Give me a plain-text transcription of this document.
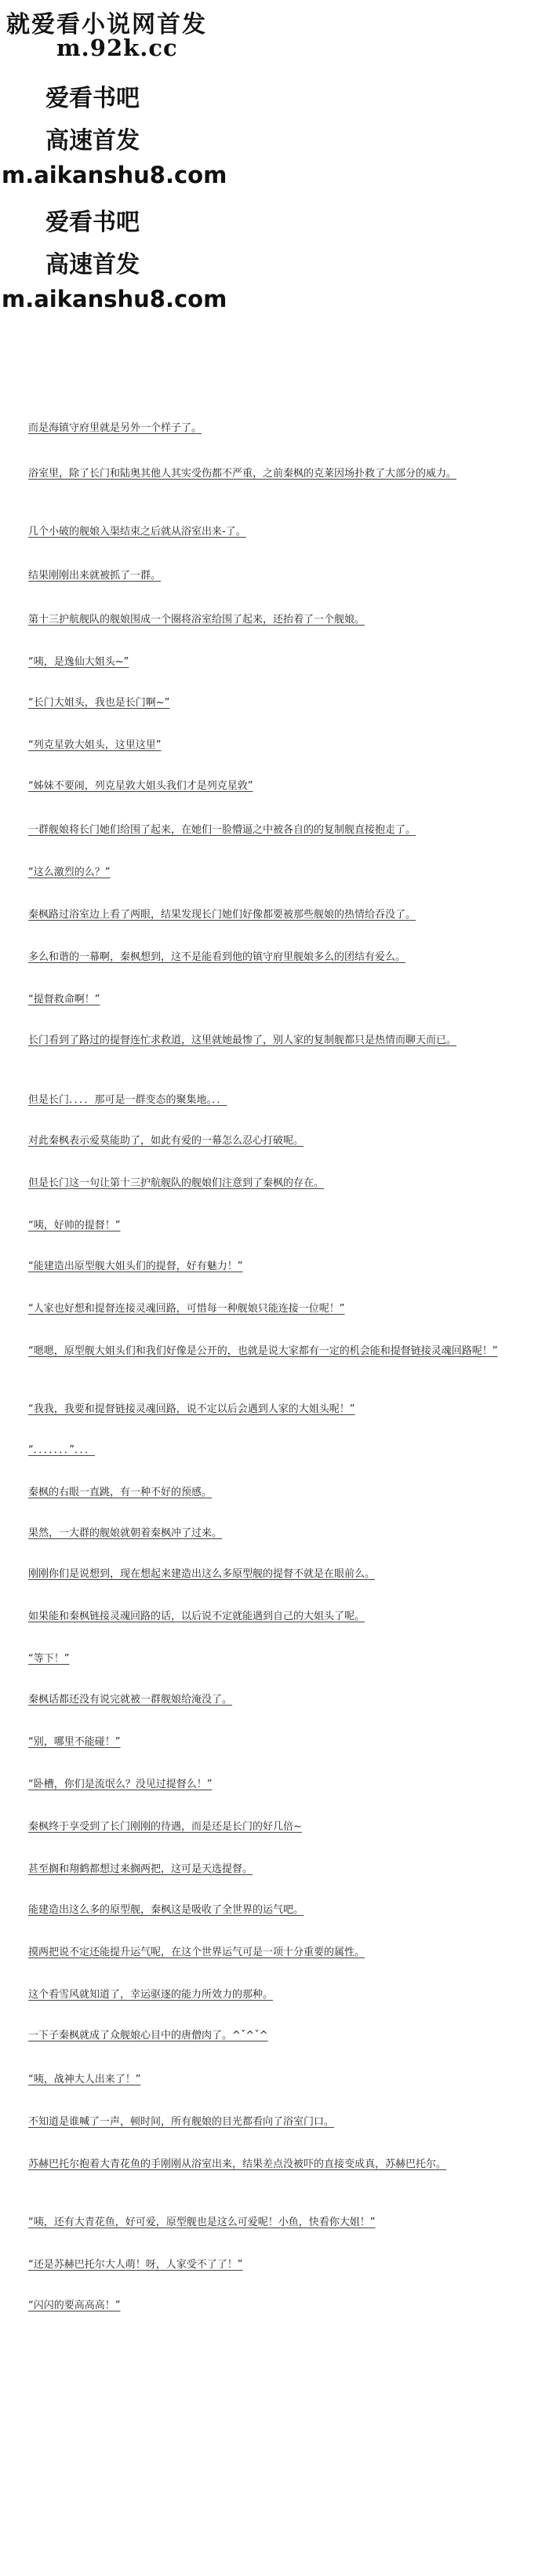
就爱看小说网首发
m.92k.cc
爱看书吧
高速首发
m.aikanshu8.com
爱看书吧
高速首发
m.aikanshu8.com
而是海镇守府里就是另外一个样子了。
浴室里，除了长门和陆奥其他人其实受伤都不严重，之前秦枫的克莱因场扑救了大部分的威力。
几个小破的舰娘入渠结束之后就从浴室出来-了。
结果刚刚出来就被抓了一群。
第十三护航舰队的舰娘围成一个圈将浴室给围了起来，还抬着了一个舰娘。
“咦，是逸仙大姐头~”
“长门大姐头，我也是长门啊~”
“列克星敦大姐头，这里这里”
“姊妹不要闹，列克星敦大姐头我们才是列克星敦”
一群舰娘将长门她们给围了起来，在她们一脸懵逼之中被各自的的复制舰直接抱走了。
“这么激烈的么？”
秦枫路过浴室边上看了两眼，结果发现长门她们好像都要被那些舰娘的热情给吞没了。
多么和谐的一幕啊，秦枫想到，这不是能看到他的镇守府里舰娘多么的团结有爱么。
“提督救命啊！”
长门看到了路过的提督连忙求救道，这里就她最惨了，别人家的复制舰都只是热情而聊天而已。
但是长门．．．．那可是一群变态的聚集地。．．
对此秦枫表示爱莫能助了，如此有爱的一幕怎么忍心打破呢。
但是长门这一句让第十三护航舰队的舰娘们注意到了秦枫的存在。
“咦，好帅的提督！”
“能建造出原型舰大姐头们的提督，好有魅力！”
“人家也好想和提督连接灵魂回路，可惜每一种舰娘只能连接一位呢！”
“嗯嗯，原型舰大姐头们和我们好像是公开的，也就是说大家都有一定的机会能和提督链接灵魂回路呢！”
“我我，我要和提督链接灵魂回路，说不定以后会遇到人家的大姐头呢！”
“．．．．．．．”．．．
秦枫的右眼一直跳，有一种不好的预感。
果然，一大群的舰娘就朝着秦枫冲了过来。
刚刚你们是说想到，现在想起来建造出这么多原型舰的提督不就是在眼前么。
如果能和秦枫链接灵魂回路的话，以后说不定就能遇到自己的大姐头了呢。
“等下！”
秦枫话都还没有说完就被一群舰娘给淹没了。
“别，哪里不能碰！”
“卧槽，你们是流氓么？没见过提督么！”
秦枫终于享受到了长门刚刚的待遇，而是还是长门的好几倍~
甚至搁和翔鹤都想过来搁两把，这可是天选提督。
能建造出这么多的原型舰，秦枫这是吸收了全世界的运气吧。
摸两把说不定还能提升运气呢，在这个世界运气可是一项十分重要的属性。
这个看雪风就知道了，幸运驱逐的能力所效力的那种。
一下子秦枫就成了众舰娘心目中的唐僧肉了。^ˇ^ˇ^
“咦，战神大人出来了！”
不知道是谁喊了一声，顿时间，所有舰娘的目光都看向了浴室门口。
苏赫巴托尔抱着大青花鱼的手刚刚从浴室出来，结果差点没被吓的直接变成真，苏赫巴托尔。
“咦，还有大青花鱼，好可爱，原型舰也是这么可爱呢！小鱼，快看你大姐！”
“还是苏赫巴托尔大人萌！呀，人家受不了了！”
“闪闪的要高高高！”
